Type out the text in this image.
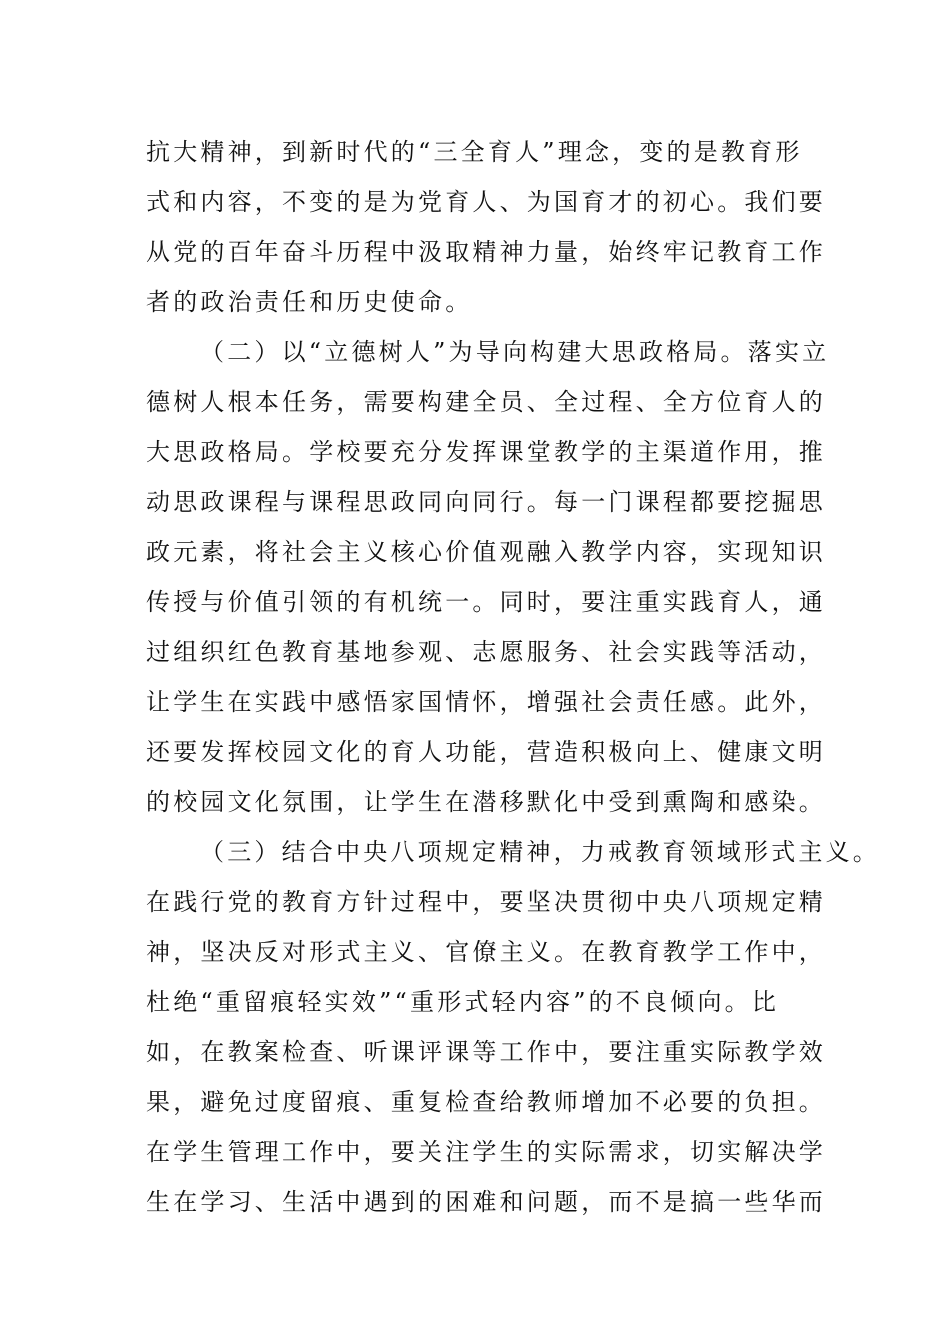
抗大精神，到新时代的“三全育人”理念，变的是教育形
式和内容，不变的是为党育人、为国育才的初心。我们要
从党的百年奋斗历程中汲取精神力量，始终牢记教育工作
者的政治责任和历史使命。
（二）以“立德树人”为导向构建大思政格局。落实立
德树人根本任务，需要构建全员、全过程、全方位育人的
大思政格局。学校要充分发挥课堂教学的主渠道作用，推
动思政课程与课程思政同向同行。每一门课程都要挖掘思
政元素，将社会主义核心价值观融入教学内容，实现知识
传授与价值引领的有机统一。同时，要注重实践育人，通
过组织红色教育基地参观、志愿服务、社会实践等活动，
让学生在实践中感悟家国情怀，增强社会责任感。此外，
还要发挥校园文化的育人功能，营造积极向上、健康文明
的校园文化氛围，让学生在潜移默化中受到熏陶和感染。
（三）结合中央八项规定精神，力戒教育领域形式主义。
在践行党的教育方针过程中，要坚决贯彻中央八项规定精
神，坚决反对形式主义、官僚主义。在教育教学工作中，
杜绝“重留痕轻实效”“重形式轻内容”的不良倾向。比
如，在教案检查、听课评课等工作中，要注重实际教学效
果，避免过度留痕、重复检查给教师增加不必要的负担。
在学生管理工作中，要关注学生的实际需求，切实解决学
生在学习、生活中遇到的困难和问题，而不是搞一些华而
